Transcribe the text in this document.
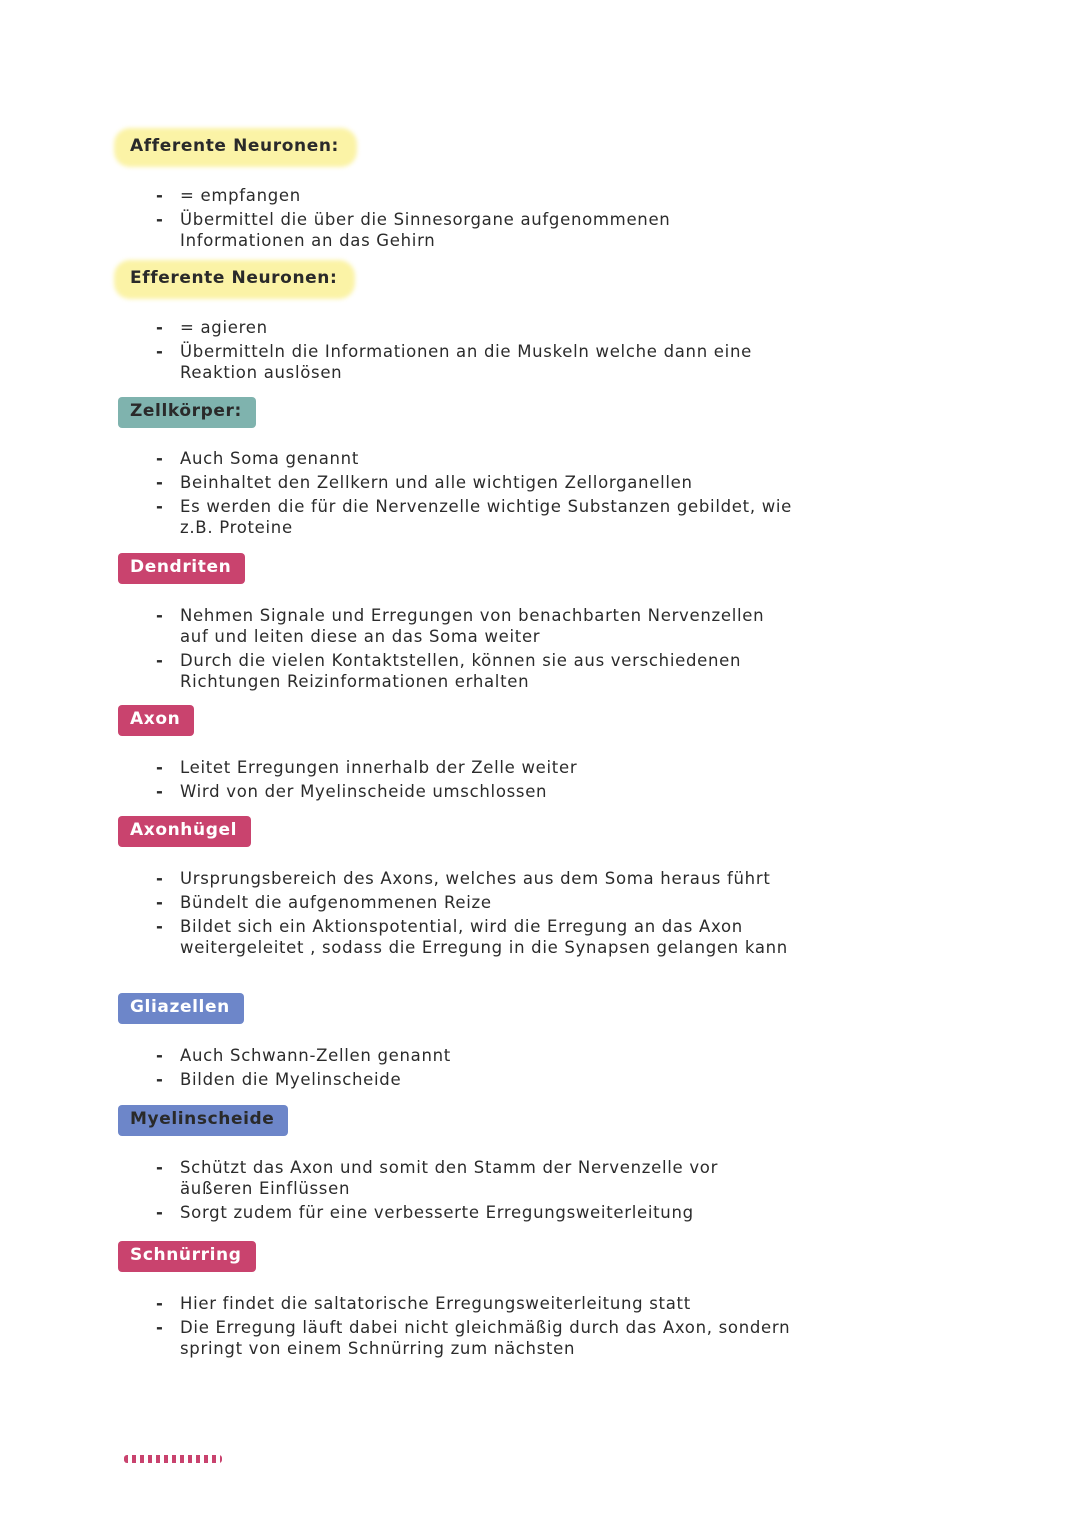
Afferente Neuronen:
- = empfangen
- Übermittel die über die Sinnesorgane aufgenommenen Informationen an das Gehirn
Efferente Neuronen:
- = agieren
- Übermitteln die Informationen an die Muskeln welche dann eine Reaktion auslösen
Zellkörper:
- Auch Soma genannt
- Beinhaltet den Zellkern und alle wichtigen Zellorganellen
- Es werden die für die Nervenzelle wichtige Substanzen gebildet, wie z.B. Proteine
Dendriten
- Nehmen Signale und Erregungen von benachbarten Nervenzellen auf und leiten diese an das Soma weiter
- Durch die vielen Kontaktstellen, können sie aus verschiedenen Richtungen Reizinformationen erhalten
Axon
- Leitet Erregungen innerhalb der Zelle weiter
- Wird von der Myelinscheide umschlossen
Axonhügel
- Ursprungsbereich des Axons, welches aus dem Soma heraus führt
- Bündelt die aufgenommenen Reize
- Bildet sich ein Aktionspotential, wird die Erregung an das Axon weitergeleitet , sodass die Erregung in die Synapsen gelangen kann
Gliazellen
- Auch Schwann-Zellen genannt
- Bilden die Myelinscheide
Myelinscheide
- Schützt das Axon und somit den Stamm der Nervenzelle vor äußeren Einflüssen
- Sorgt zudem für eine verbesserte Erregungsweiterleitung
Schnürring
- Hier findet die saltatorische Erregungsweiterleitung statt
- Die Erregung läuft dabei nicht gleichmäßig durch das Axon, sondern springt von einem Schnürring zum nächsten
